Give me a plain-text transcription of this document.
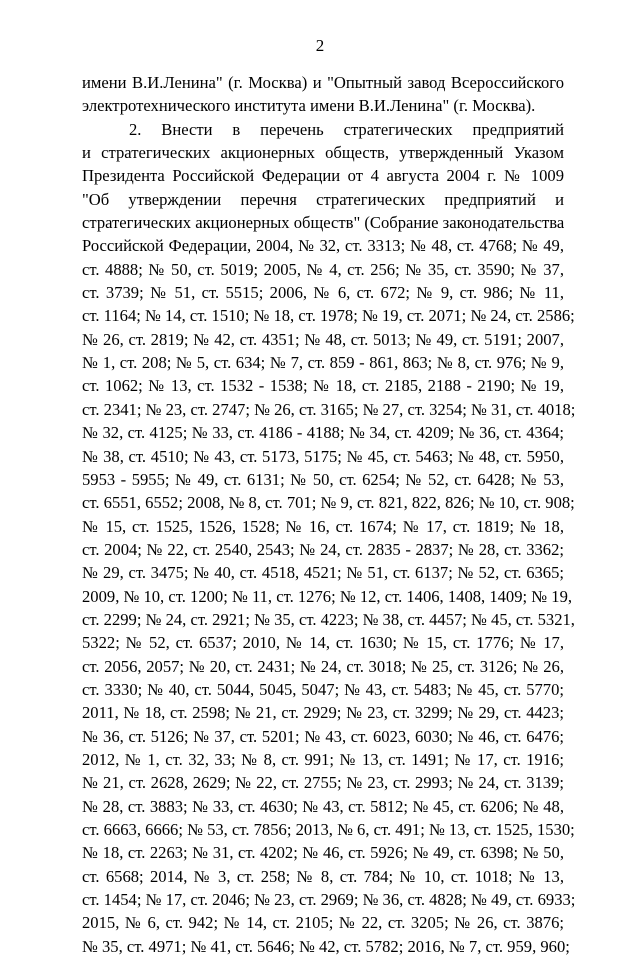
2
имени В.И.Ленина" (г. Москва) и "Опытный завод Всероссийского
электротехнического института имени В.И.Ленина" (г. Москва).
2. Внести в перечень стратегических предприятий
и стратегических акционерных обществ, утвержденный Указом
Президента Российской Федерации от 4 августа 2004 г. № 1009
"Об утверждении перечня стратегических предприятий и
стратегических акционерных обществ" (Собрание законодательства
Российской Федерации, 2004, № 32, ст. 3313; № 48, ст. 4768; № 49,
ст. 4888; № 50, ст. 5019; 2005, № 4, ст. 256; № 35, ст. 3590; № 37,
ст. 3739; № 51, ст. 5515; 2006, № 6, ст. 672; № 9, ст. 986; № 11,
ст. 1164; № 14, ст. 1510; № 18, ст. 1978; № 19, ст. 2071; № 24, ст. 2586;
№ 26, ст. 2819; № 42, ст. 4351; № 48, ст. 5013; № 49, ст. 5191; 2007,
№ 1, ст. 208; № 5, ст. 634; № 7, ст. 859 - 861, 863; № 8, ст. 976; № 9,
ст. 1062; № 13, ст. 1532 - 1538; № 18, ст. 2185, 2188 - 2190; № 19,
ст. 2341; № 23, ст. 2747; № 26, ст. 3165; № 27, ст. 3254; № 31, ст. 4018;
№ 32, ст. 4125; № 33, ст. 4186 - 4188; № 34, ст. 4209; № 36, ст. 4364;
№ 38, ст. 4510; № 43, ст. 5173, 5175; № 45, ст. 5463; № 48, ст. 5950,
5953 - 5955; № 49, ст. 6131; № 50, ст. 6254; № 52, ст. 6428; № 53,
ст. 6551, 6552; 2008, № 8, ст. 701; № 9, ст. 821, 822, 826; № 10, ст. 908;
№ 15, ст. 1525, 1526, 1528; № 16, ст. 1674; № 17, ст. 1819; № 18,
ст. 2004; № 22, ст. 2540, 2543; № 24, ст. 2835 - 2837; № 28, ст. 3362;
№ 29, ст. 3475; № 40, ст. 4518, 4521; № 51, ст. 6137; № 52, ст. 6365;
2009, № 10, ст. 1200; № 11, ст. 1276; № 12, ст. 1406, 1408, 1409; № 19,
ст. 2299; № 24, ст. 2921; № 35, ст. 4223; № 38, ст. 4457; № 45, ст. 5321,
5322; № 52, ст. 6537; 2010, № 14, ст. 1630; № 15, ст. 1776; № 17,
ст. 2056, 2057; № 20, ст. 2431; № 24, ст. 3018; № 25, ст. 3126; № 26,
ст. 3330; № 40, ст. 5044, 5045, 5047; № 43, ст. 5483; № 45, ст. 5770;
2011, № 18, ст. 2598; № 21, ст. 2929; № 23, ст. 3299; № 29, ст. 4423;
№ 36, ст. 5126; № 37, ст. 5201; № 43, ст. 6023, 6030; № 46, ст. 6476;
2012, № 1, ст. 32, 33; № 8, ст. 991; № 13, ст. 1491; № 17, ст. 1916;
№ 21, ст. 2628, 2629; № 22, ст. 2755; № 23, ст. 2993; № 24, ст. 3139;
№ 28, ст. 3883; № 33, ст. 4630; № 43, ст. 5812; № 45, ст. 6206; № 48,
ст. 6663, 6666; № 53, ст. 7856; 2013, № 6, ст. 491; № 13, ст. 1525, 1530;
№ 18, ст. 2263; № 31, ст. 4202; № 46, ст. 5926; № 49, ст. 6398; № 50,
ст. 6568; 2014, № 3, ст. 258; № 8, ст. 784; № 10, ст. 1018; № 13,
ст. 1454; № 17, ст. 2046; № 23, ст. 2969; № 36, ст. 4828; № 49, ст. 6933;
2015, № 6, ст. 942; № 14, ст. 2105; № 22, ст. 3205; № 26, ст. 3876;
№ 35, ст. 4971; № 41, ст. 5646; № 42, ст. 5782; 2016, № 7, ст. 959, 960;
